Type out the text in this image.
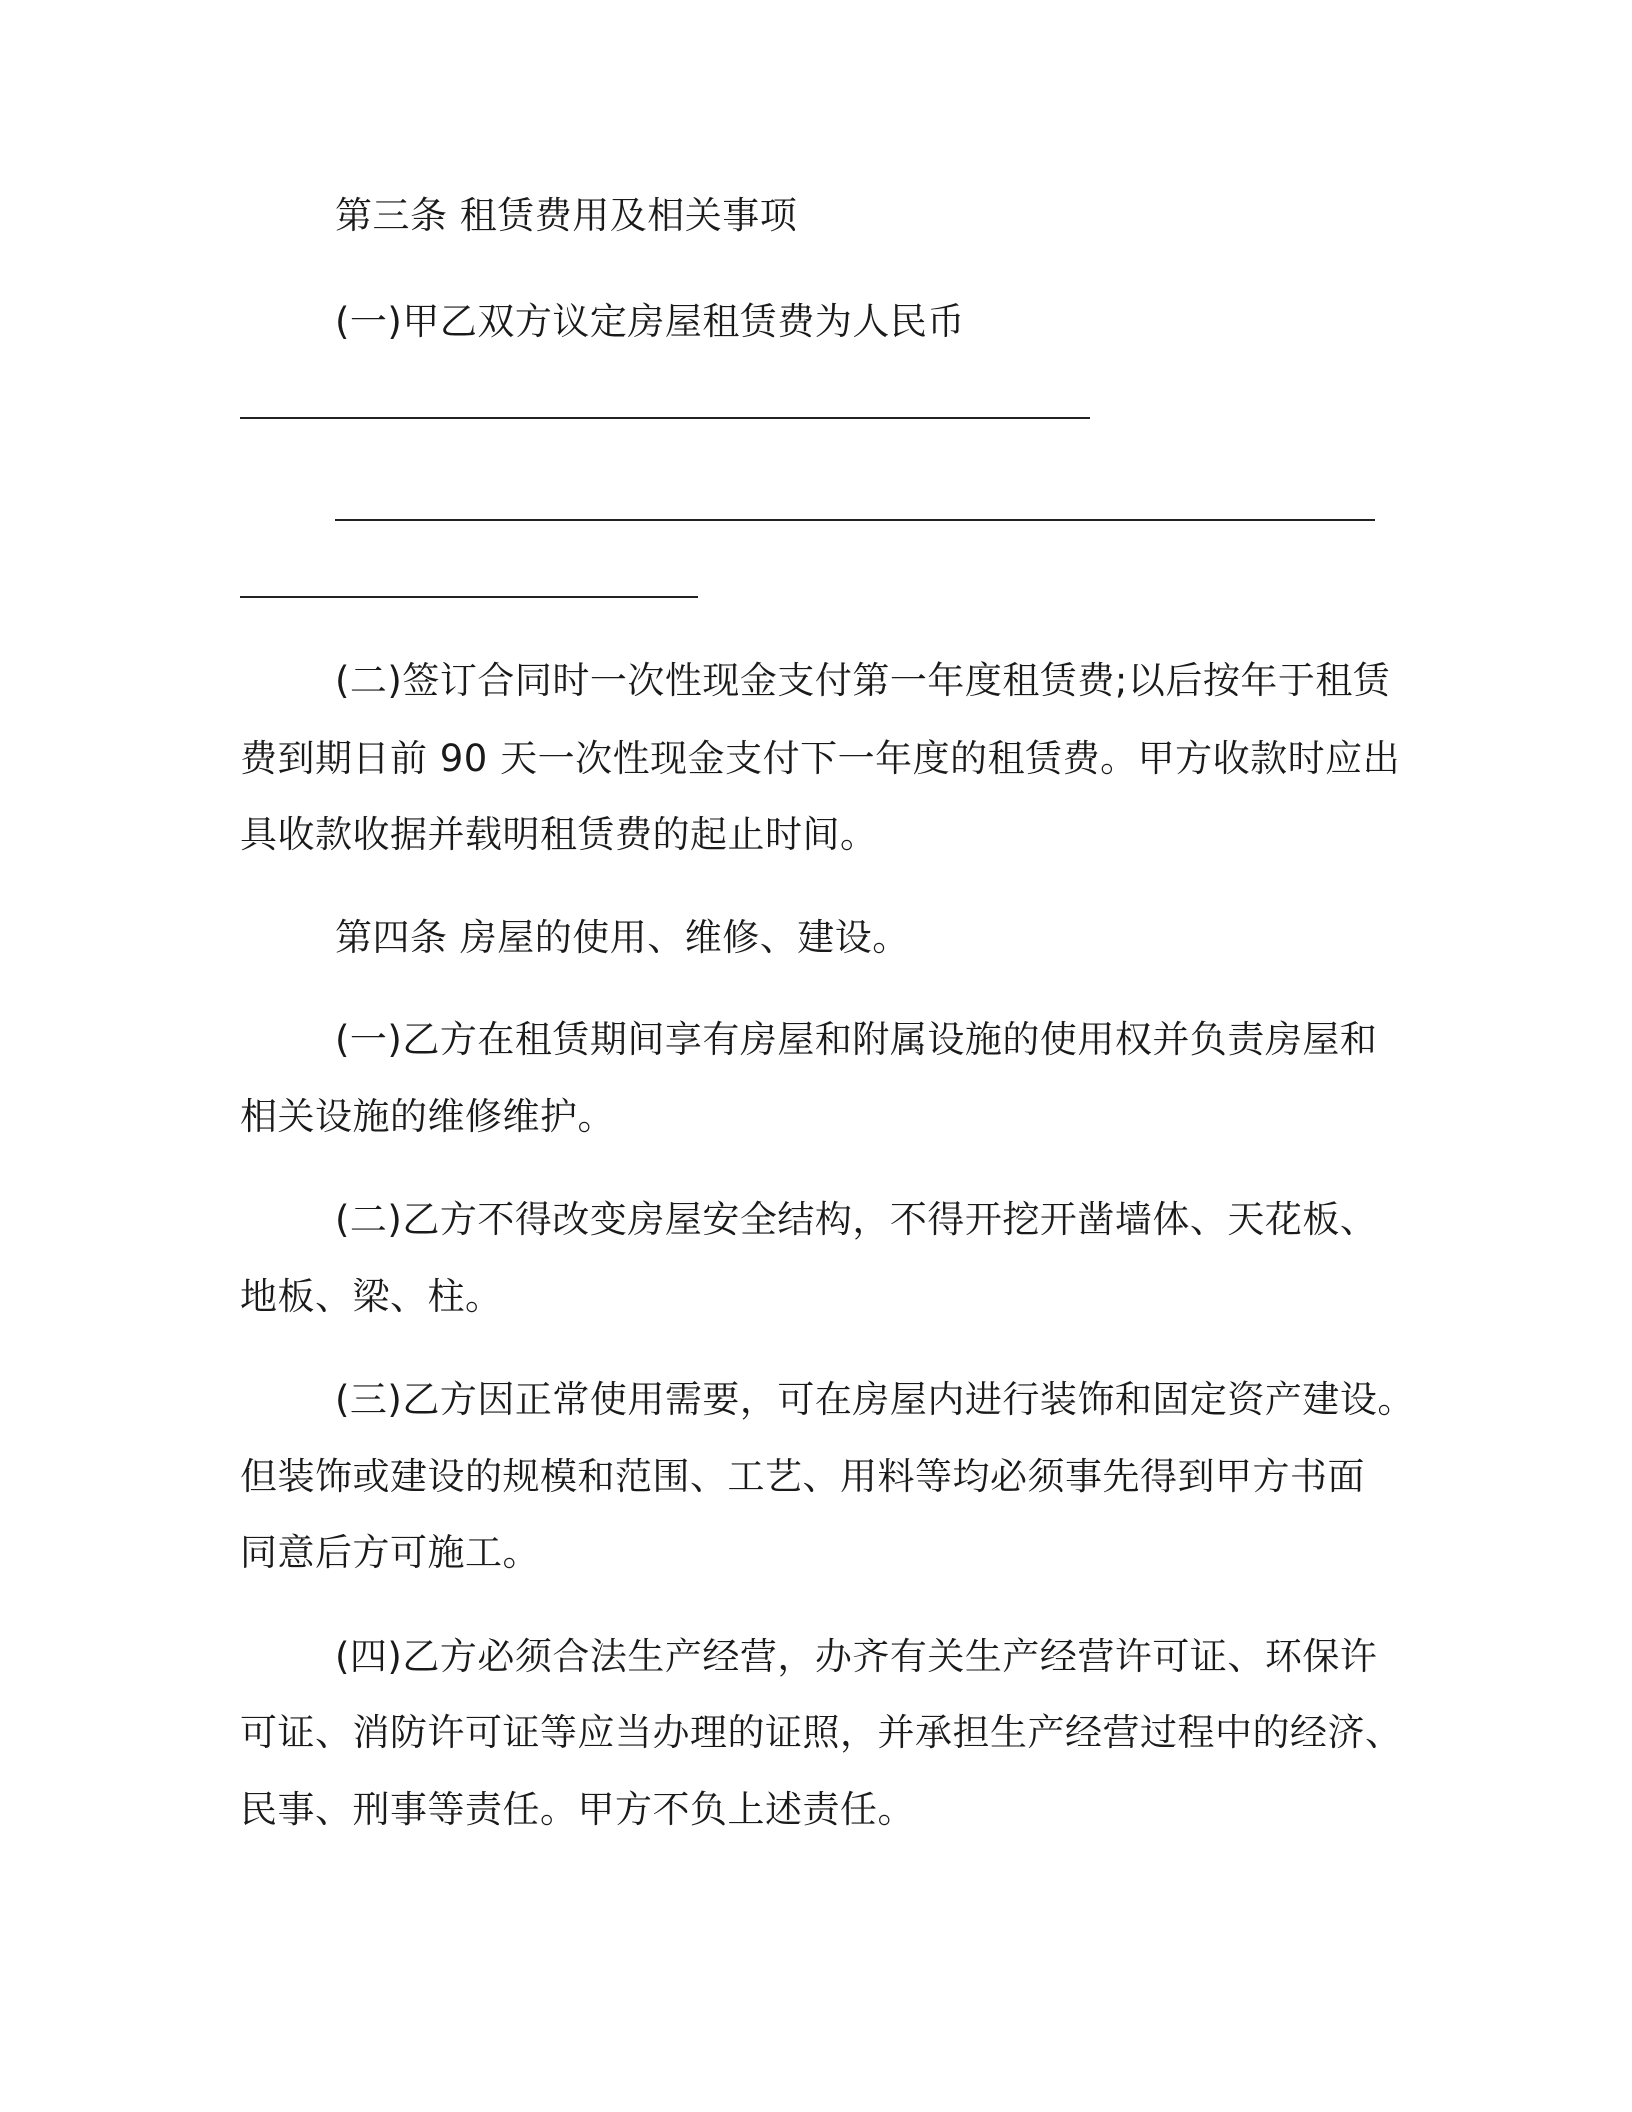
第三条 租赁费用及相关事项
(一)甲乙双方议定房屋租赁费为人民币
(二)签订合同时一次性现金支付第一年度租赁费;以后按年于租赁
费到期日前 90 天一次性现金支付下一年度的租赁费。甲方收款时应出
具收款收据并载明租赁费的起止时间。
第四条 房屋的使用、维修、建设。
(一)乙方在租赁期间享有房屋和附属设施的使用权并负责房屋和
相关设施的维修维护。
(二)乙方不得改变房屋安全结构，不得开挖开凿墙体、天花板、
地板、梁、柱。
(三)乙方因正常使用需要，可在房屋内进行装饰和固定资产建设。
但装饰或建设的规模和范围、工艺、用料等均必须事先得到甲方书面
同意后方可施工。
(四)乙方必须合法生产经营，办齐有关生产经营许可证、环保许
可证、消防许可证等应当办理的证照，并承担生产经营过程中的经济、
民事、刑事等责任。甲方不负上述责任。
